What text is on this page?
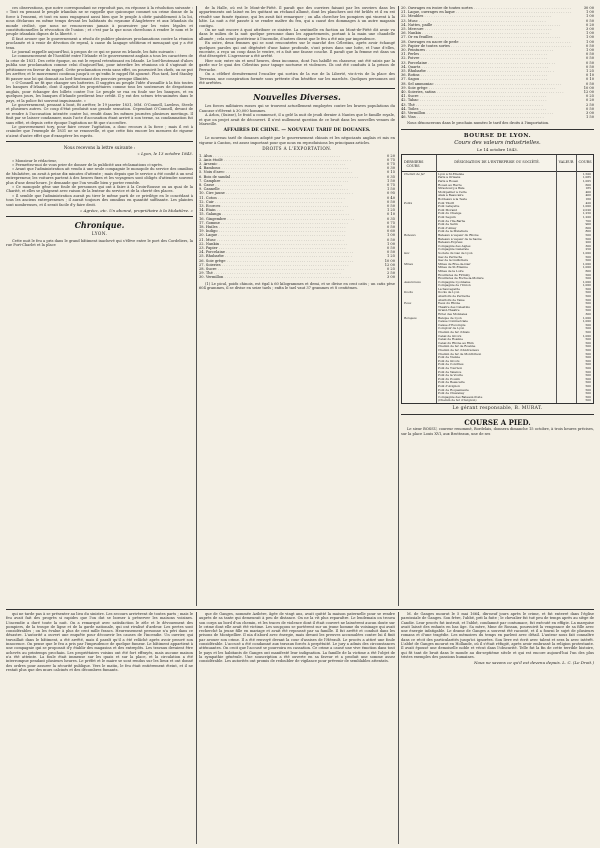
ces observations, que notre correspondant ne reproduit pas, en réponse à la résolution suivante : « Tout en pensant le peuple irlandais ne se rappelle que quiconque commet un crime donne de la force à l'ennemi, et tout en nous engageant aussi bien que le peuple à obéir paisiblement à la loi, nous déclarons en même temps devant les habitants du royaume d'Angleterre et aux Irlandais du monde civilisé, que nous ne renoncerons jamais à poursuivre par les voies légales et constitutionnelles la révocation de l'union ; et c'est par la que nous cherchons à rendre le nom et le peuple irlandais dignes de la liberté. »

Il faut avouer que le gouvernement a résolu de publier plusieurs proclamations contre la réunion proclamée et à venir de dévotion de repeal, à cause du langage séditieux et menaçant qui y a été tenu.

Le journal rappelle aujourd'hui, à propos de ce qui se passe en Irlande, les faits suivants :

Le commencement de l'hostilité entre l'Irlande et le gouvernement anglais a tous les caractères de la crise de 1831. Des cette époque, on eut le repeal retentissant en Irlande. Le lord-lieutenant d'alors publia une proclamation comme celui d'aujourd'hui, pour interdire les réunions où il s'agissait de pétitionner en faveur du rappel. Cette proclamation resta sans effet, on poursuivit les chefs, on ne put les arrêter, et le mouvement continua jusqu'à ce qu'enfin le rappel fût ajourné. Plus tard, lord Stanley fit passer une loi qui donnait au lord-lieutenant des pouvoirs presque illimités.

« O'Connell ne fit que changer ses batteries. Il suggéra au peuple l'idée d'assaillir à la fois toutes les banques d'Irlande, dont il appelait les propriétaires comme tous les souteneurs de despotisme anglais, pour échanger des billets contre l'or. Le peuple se rua en foule sur les banques, et en quelques jours, les banques d'Irlande perdirent leur crédit. Il y eut des scènes très-animées dans le pays, et la police fut souvent impuissante. »

Le gouvernement, pensant à bout, fit arrêter, le 19 janvier 1831, MM. O'Connell, Lawless, Steele et plusieurs autres. Ce coup d'état produisit une grande sensation. Cependant O'Connell, devant de se rendre à l'accusation intentée contre lui, rendit dans les mêmes journées plusieurs meetings. Il finit par se laisser condamner, mais l'acte d'accusation étant arrivé à son terme, sa condamnation fut sans effet, et depuis cette époque l'agitation ne fit que s'accroître.

Le gouvernement tory, pour faire cesser l'agitation, a donc recours à la force ; mais il est à craindre que l'exemple de 1831 ne se renouvelle, et que cette fois encore les mesures de rigueur n'aient d'autre effet que d'exaspérer les esprits.

Nous recevons la lettre suivante :
« Lyon, le 13 octobre 1843.

« Monsieur le rédacteur,

« Permettez-moi de vous prier de donner de la publicité aux réclamations ci-après.

« Avant que l'administration ait vendu à une seule compagnie le monopole du service des omnibus de Mulatière, on avait à peine dix minutes d'attente ; mais depuis que le service a été confié à un seul entrepreneur, les voitures partent à des heures fixes et les voyageurs sont obligés d'attendre souvent plus d'une demi-heure. Je demande que l'on veuille bien y porter remède.

« Ce monopole gêne une foule de personnes qui ont à faire à la Croix-Rousse ou au quai de la Charité, et elles se plaignent avec raison de la lenteur du service et de la cherté des places.

« Il semble que l'administration aurait pu tirer le même parti de ce privilège en le concédant à tous les anciens entrepreneurs ; il aurait toujours des omnibus en quantité suffisante. Les plaintes sont nombreuses, et il serait facile d'y faire droit.

« Agréez, etc. Un abonné, propriétaire à la Mulatière. »
Chronique.
LYON.

Cette nuit le feu a pris dans le grand bâtiment inachevé qui s'élève entre le port des Cordeliers, la rue Port-Charlet et la place

de la Halle, où est le Mont-de-Piété. Il paraît que des ouvriers faisant par les ouvriers dans les appartements ont laissé en les quittant un réchaud allumé, dont les planchers ont été brûlés et il en est résulté une fumée épaisse, qui les avait fait remarquer ; on alla chercher les pompiers qui vinrent à la hâte. La nuit a été passée à se rendre maître du feu, qui a causé des dommages à un autre magasin contigu.

On ne sait encore à quoi attribuer ce sinistre. La sentinelle en faction au Mont-de-Piété dit avoir vu dans le milieu de la nuit quelque personne dans les appartements, portant à la main une chandelle allumée ; cela serait postérieur à l'incendie, d'autres disent que le feu a été mis par imprudence.

En outre, deux femmes qui se sont rencontrées sur le marché des Célestins, après avoir échangé quelques paroles qui ont dégénéré d'une haine profonde, s'ont prises dans une lutte, et l'une d'elles, enceinte, a reçu un coup dans le ventre, et a fait une fausse couche. Il paraît que la femme est dans un état désespéré. L'agresseur a été arrêté.

Hier soir, entre six et neuf heures, deux inconnus, dont l'un habillé en chasseur, ont été saisis par la garde sur le quai des Célestins pour tapage nocturne et violences. Ils ont été conduits à la prison de Perrache.

On a célébré dernièrement l'escalier qui sortira de la rue de la Liberté, vis-à-vis de la place des Terreaux, une conspiration formée sous prétexte d'un bénéfice sur les marchés. Quelques personnes ont été arrêtées.

Nouvelles Diverses.

Les forces militaires russes qui se trouvent actuellement employées contre les braves populations du Caucase s'élèvent à 30,000 hommes.

A Arlon, (Suisse), le froid a commencé, il a gelé la nuit de jeudi dernier à Nantes que le famille royale, et que on projet avait de découvert. Il n'est nullement question de ce bruit dans les nouvelles venues de Marseille.

AFFAIRES DE CHINE. — NOUVEAU TARIF DE DOUANES.

Le nouveau tarif de douanes adopté par le gouvernement chinois et les négociants anglais et mis en vigueur à Canton, est assez important pour que nous en reproduisions les principaux articles.

DROITS A L'EXPORTATION.
1. Alun . . .	0 20
2. Anis étoilé . . .	0 75
3. Arsenic . . .	0 75
4. Bambous . . .	0 30
5. Noix d'arec . . .	0 15
6. Bois de sandal . . .	0 35
7. Camphre . . .	1 50
8. Casse . . .	0 75
9. Cannelle . . .	1 50
10. Cire jaune . . .	0 95
11. Coton . . .	0 40
12. Cuir . . .	0 50
13. Ecorces . . .	0 50
14. Étain . . .	1 25
15. Galanga . . .	0 10
16. Gingembre . . .	0 35
17. Gomme . . .	0 75
18. Huiles . . .	0 50
19. Indigo . . .	0 60
20. Laque . . .	1 00
21. Musc . . .	0 50
22. Nankin . . .	1 00
23. Papier . . .	0 50
24. Porcelaine . . .	0 50
25. Rhubarbe . . .	1 25
26. Soie grège . . .	10 00
27. Soieries . . .	12 00
28. Sucre . . .	0 25
29. Thé . . .	2 50
30. Vermillon . . .	3 00

(1) Le picul, poids chinois, est égal à 60 kilogrammes et demi, et se divise en cent catis ; un catis pèse 604 grammes, il se divise en seize taels ; enfin le tael vaut 37 grammes et 8 centièmes.

20. Ouvrages en ivoire de toutes sortes . . .	30 00
21. Laque, ouvrages en laque . . .	1 00
22. Meubles . . .	1 00
23. Musc . . .	0 50
24. Nattes, paille . . .	0 20
25. Mercure . . .	3 00
26. Nankin . . .	1 00
27. Or en feuilles . . .	1 00
28. Ouvrages en nacre de perle . . .	1 00
29. Papier de toutes sortes . . .	0 50
30. Peintures . . .	1 00
31. Perles . . .	0 50
32. Poivre . . .	0 50
33. Porcelaine . . .	0 50
34. Quartz . . .	0 50
35. Rhubarbe . . .	1 25
36. Rotins . . .	0 10
37. Sagou . . .	0 10
38. Sel ammoniac . . .	0 50
39. Soie grège . . .	10 00
40. Soieries, satins . . .	12 00
41. Sucre . . .	0 25
42. Tabac . . .	0 20
43. Thé . . .	2 50
44. Toiles . . .	0 50
45. Vermillon . . .	3 00
46. Vins . . .	1 50

Nous dénoncerons dans le prochain numéro le tarif des droits à l'importation.

BOURSE DE LYON.
Cours des valeurs industrielles.
Le 14 octobre 1843.
DERNIERS COURS
DÉSIGNATION DE L'ENTREPRISE OU SOCIÉTÉ.	VALEUR	COURS
Chemin de fer	Lyon à St-Etienne	1,500
Paris à Orléans	1,065
Paris à Rouen	1,005
Rouen au Havre	600
Strasbourg à Bâle	185
Montpellier à Cette	400
Alais à Beaucaire	400
Bordeaux à la Teste	160
Ponts	Pont Tilsitt	420
Pont Lafayette	1,000
Pont Morand	2,020
Pont du Change	1,250
Pont Seguin	1,200
Pont de l'Ile-Barbe	700
Pont de Serin	900
Pont d'Ainay	600
Pont de la Mulatière	800
Bateaux	Bateaux à vapeur du Rhône	500
Bateaux à vapeur de la Saône	500
Bateaux-Express	200
Compagnie des Aigles	300
Compagnie Générale	250
Gaz	Société du Gaz de Lyon	1,000
Gaz de Perrache	500
Gaz de la Guillotière	500
Mines	Mines de Rive-de-Gier	1,000
Mines de St-Etienne	1,000
Mines de la Loire	600
Houillères de Firminy	500
Houillères de Roche-la-Molière	500
Assurances	Compagnie Lyonnaise	1,000
Compagnie de l'Union	1,000
La Sauvegarde	500
Docks	Docks de Lyon	500
Abattoirs de Perrache	500
Abattoirs de Vaise	500
Eaux	Eaux du Rhône	500
Théâtre des Célestins	500
Grand-Théâtre	500
Hôtel des Monnaies	300
Banques	Banque de Lyon	1,000
Caisse Commerciale	1,000
Caisse d'Escompte	500
Comptoir de Lyon	500
Chemin de fer d'Alais	500
Canal de Givors	1,000
Canal de Roanne	500
Canal du Rhône au Rhin	500
Chemin de fer de Roanne	500
Chemin de fer d'Andrézieux	500
Chemin de fer de Montbrison	500
Pont de Vienne	500
Pont de Givors	500
Pont de Condrieu	500
Pont de Tournon	500
Pont de Valence	500
Pont de la Voulte	500
Pont du Pouzin	500
Pont de Beaucaire	500
Pont d'Avignon	500
Pont de Roquemaure	500
Pont de Chavanay	500
Compagnie des Bateaux-Poste	500
(Chemin de fer d'Avignon)	500
Le gérant responsable, B. MURAT.
COURSE A PIED.

Le sieur BOSSU, coureur renommé, Bordelais, donnera dimanche 15 octobre, à trois heures précises, sur la place Louis XVI, aux Brotteaux, une de ses

qui ne tarde pas à se présenter au lieu du sinistre. Les secours arrivèrent de toutes parts ; mais le feu avait fait des progrès si rapides que l'on dut se borner à préserver les maisons voisines. L'incendie a duré toute la nuit. On a remarqué avec satisfaction le zèle et le dévouement des pompiers, de la troupe de ligne et de la garde nationale, qui ont rivalisé d'ardeur. Les pertes sont considérables ; on les évalue à plus de cent mille francs. Heureusement personne n'a péri dans ce désastre. L'autorité a ouvert une enquête pour découvrir les causes de l'incendie. Un ouvrier, qui travaillait dans le bâtiment, a été arrêté, mais il paraît qu'il a été relâché après avoir prouvé son innocence. On pense que le feu a pris par l'imprudence de quelque fumeur. Le bâtiment appartient à une compagnie qui se proposait d'y établir des magasins et des entrepôts. Les travaux devaient être achevés au printemps prochain. Les propriétaires voisins ont été fort effrayés, mais aucune maison n'a été atteinte. La foule était immense sur les quais et sur la place, et la circulation a été interrompue pendant plusieurs heures. Le préfet et le maire se sont rendus sur les lieux et ont donné des ordres pour assurer la sécurité publique. Vers le matin, le feu était entièrement éteint, et il ne restait plus que des murs calcinés et des décombres fumants.

que de Ganges, nommée Azibère, âgée de vingt ans, avait quitté la maison paternelle pour se rendre auprès de sa tante qui demeurait à peu de distance. On ne la vit plus reparaître. Le lendemain on trouva son corps au bord d'un chemin, et les traces de violence dont il était couvert ne laissèrent aucun doute sur le crime dont elle avait été victime. Les soupçons se portèrent sur un jeune homme du voisinage qui avait recherché la jeune fille en mariage et avait été repoussé par sa famille. Il fut arrêté et conduit dans les prisons de Montpellier. Il nia d'abord avec énergie, mais devant les preuves accumulées contre lui il finit par avouer son crime. Il a été renvoyé devant la cour d'assises de l'Hérault. Le procès a attiré une foule considérable. L'accusé a été condamné aux travaux forcés à perpétuité. Le jury a admis des circonstances atténuantes. On croit que l'accusé se pourvoira en cassation. Ce crime a causé une vive émotion dans tout le pays et les habitants de Ganges ont manifesté leur indignation. La famille de la victime a été l'objet de la sympathie générale. Une souscription a été ouverte en sa faveur et a produit une somme assez considérable. Les autorités ont promis de redoubler de vigilance pour prévenir de semblables attentats.

M. de Ganges mourut le 5 mai 1664, dix-neuf jours après le crime, et fut enterré dans l'église paroissiale de Ganges. Son frère, l'abbé, prit la fuite ; le chevalier fut tué peu de temps après au siège de Candie. Leur procès fut instruit, et l'abbé, condamné par contumace, fut exécuté en effigie. La marquise avait laissé des enfants en bas âge. Sa mère, Mme de Rossan, poursuivit la vengeance de sa fille avec une énergie infatigable. Le drame de Ganges a souvent été raconté, et il a fourni le sujet de plusieurs romans et d'une tragédie. Les mémoires du temps en parlent avec détail. L'auteur nous fait connaître dans ce récit des particularités jusqu'ici ignorées. Son livre est écrit avec talent et sera lu avec intérêt. L'abbé de Ganges mourut en Hollande, où il s'était réfugié, après avoir embrassé la religion protestante. Il avait épousé une demoiselle noble et vécut dans l'obscurité. Telle fut la fin de cette terrible histoire, qui fit tant de bruit dans le monde au dix-septième siècle et qui est encore aujourd'hui l'un des plus tristes exemples des passions humaines.

Nous ne savons ce qu'il est devenu depuis. L. C. (Le Droit.)
